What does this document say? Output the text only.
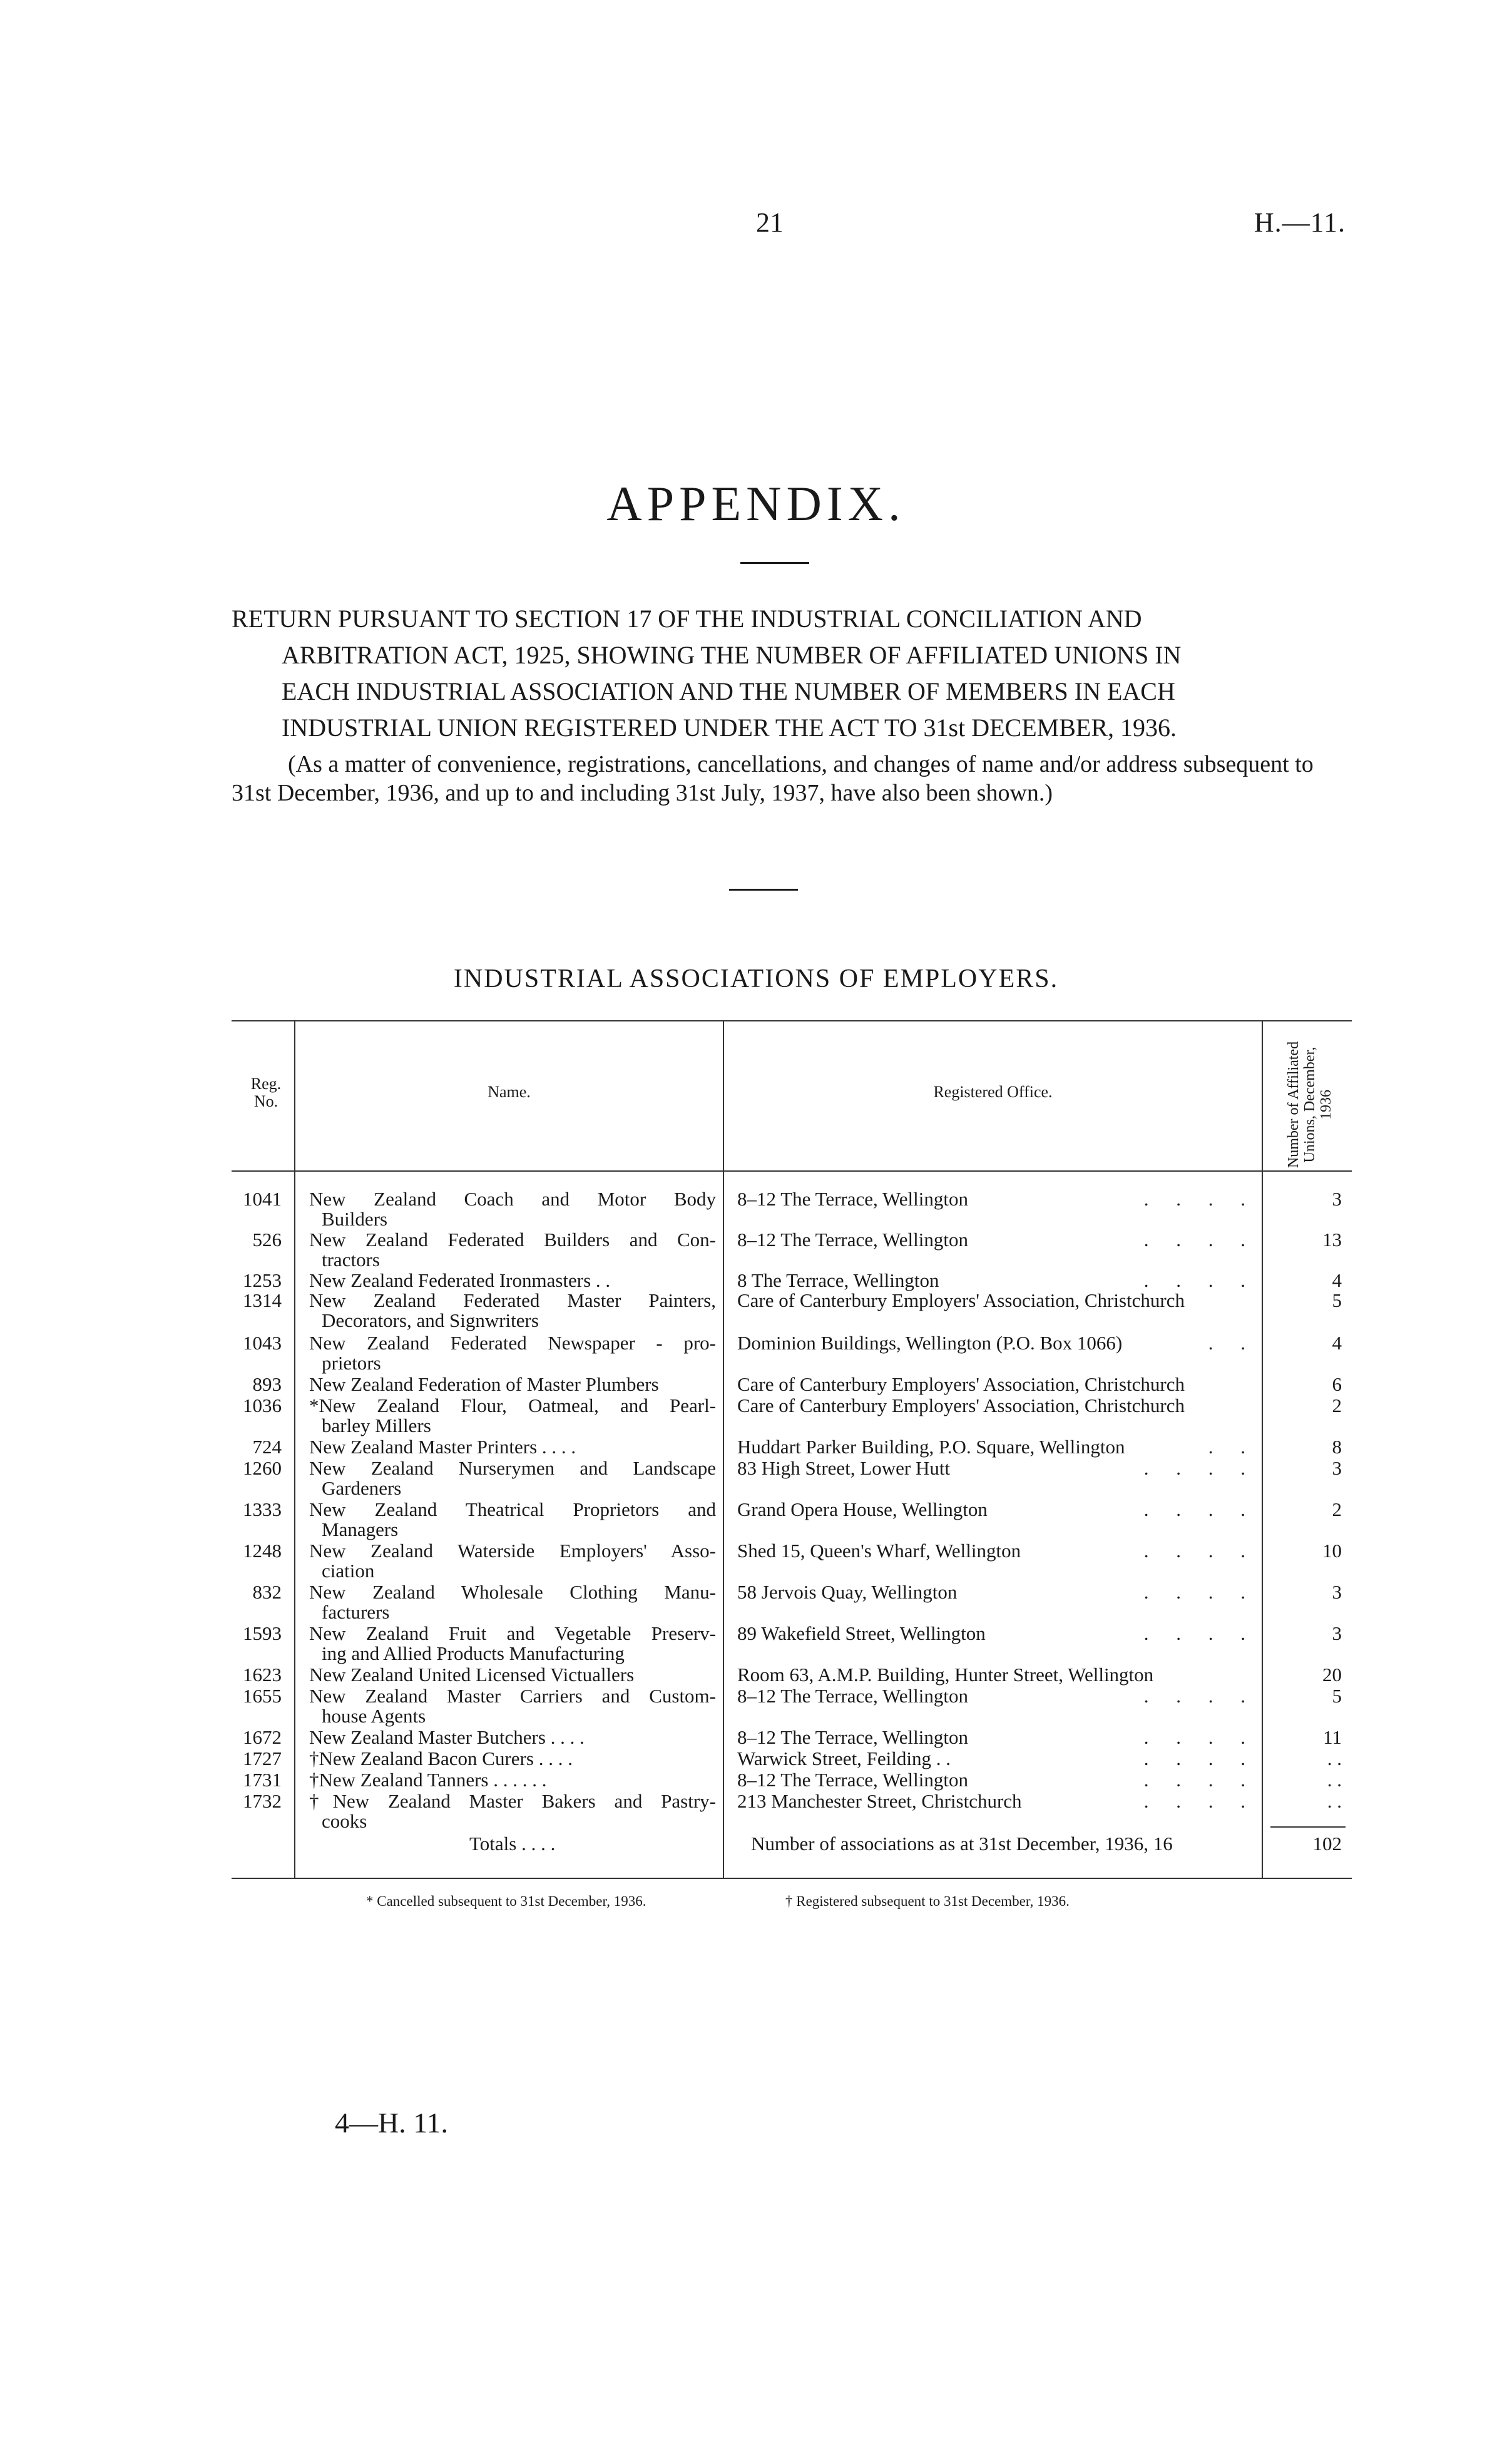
21	H.—11.
APPENDIX.
RETURN PURSUANT TO SECTION 17 OF THE INDUSTRIAL CONCILIATION AND
ARBITRATION ACT, 1925, SHOWING THE NUMBER OF AFFILIATED UNIONS IN
EACH INDUSTRIAL ASSOCIATION AND THE NUMBER OF MEMBERS IN EACH
INDUSTRIAL UNION REGISTERED UNDER THE ACT TO 31st DECEMBER, 1936.
(As a matter of convenience, registrations, cancellations, and changes of name and/or address subsequent to 31st December, 1936, and up to and including 31st July, 1937, have also been shown.)
INDUSTRIAL ASSOCIATIONS OF EMPLOYERS.
Reg. No.
Name.	Registered Office.	Number of Affiliated Unions, December, 1936
1041 New Zealand Coach and Motor Body
Builders
8–12 The Terrace, Wellington	. . . .	3
526 New Zealand Federated Builders and Con-
tractors
8–12 The Terrace, Wellington	. . . .	13
1253 New Zealand Federated Ironmasters . .	8 The Terrace, Wellington	. . . .	4
1314 New Zealand Federated Master Painters,
Decorators, and Signwriters
Care of Canterbury Employers' Association, Christchurch	5
1043 New Zealand Federated Newspaper - pro-
prietors
Dominion Buildings, Wellington (P.O. Box 1066)	. .	4
893 New Zealand Federation of Master Plumbers	Care of Canterbury Employers' Association, Christchurch	6
1036 *New Zealand Flour, Oatmeal, and Pearl-
barley Millers
Care of Canterbury Employers' Association, Christchurch	2
724 New Zealand Master Printers . . . .	Huddart Parker Building, P.O. Square, Wellington	. .	8
1260 New Zealand Nurserymen and Landscape
Gardeners
83 High Street, Lower Hutt	. . . .	3
1333 New Zealand Theatrical Proprietors and
Managers
Grand Opera House, Wellington	. . . .	2
1248 New Zealand Waterside Employers' Asso-
ciation
Shed 15, Queen's Wharf, Wellington	. . . .	10
832 New Zealand Wholesale Clothing Manu-
facturers
58 Jervois Quay, Wellington	. . . .	3
1593 New Zealand Fruit and Vegetable Preserv-
ing and Allied Products Manufacturing
89 Wakefield Street, Wellington	. . . .	3
1623 New Zealand United Licensed Victuallers	Room 63, A.M.P. Building, Hunter Street, Wellington	20
1655 New Zealand Master Carriers and Custom-
house Agents
8–12 The Terrace, Wellington	. . . .	5
1672 New Zealand Master Butchers . . . .	8–12 The Terrace, Wellington	. . . .	11
1727 †New Zealand Bacon Curers . . . .	Warwick Street, Feilding . .	. . . .	. .
1731 †New Zealand Tanners . . . . . .	8–12 The Terrace, Wellington	. . . .	. .
1732 †New Zealand Master Bakers and Pastry-
cooks
213 Manchester Street, Christchurch	. . . .	. .
Totals . . . .	Number of associations as at 31st December, 1936, 16	102
* Cancelled subsequent to 31st December, 1936.	† Registered subsequent to 31st December, 1936.
4—H. 11.
